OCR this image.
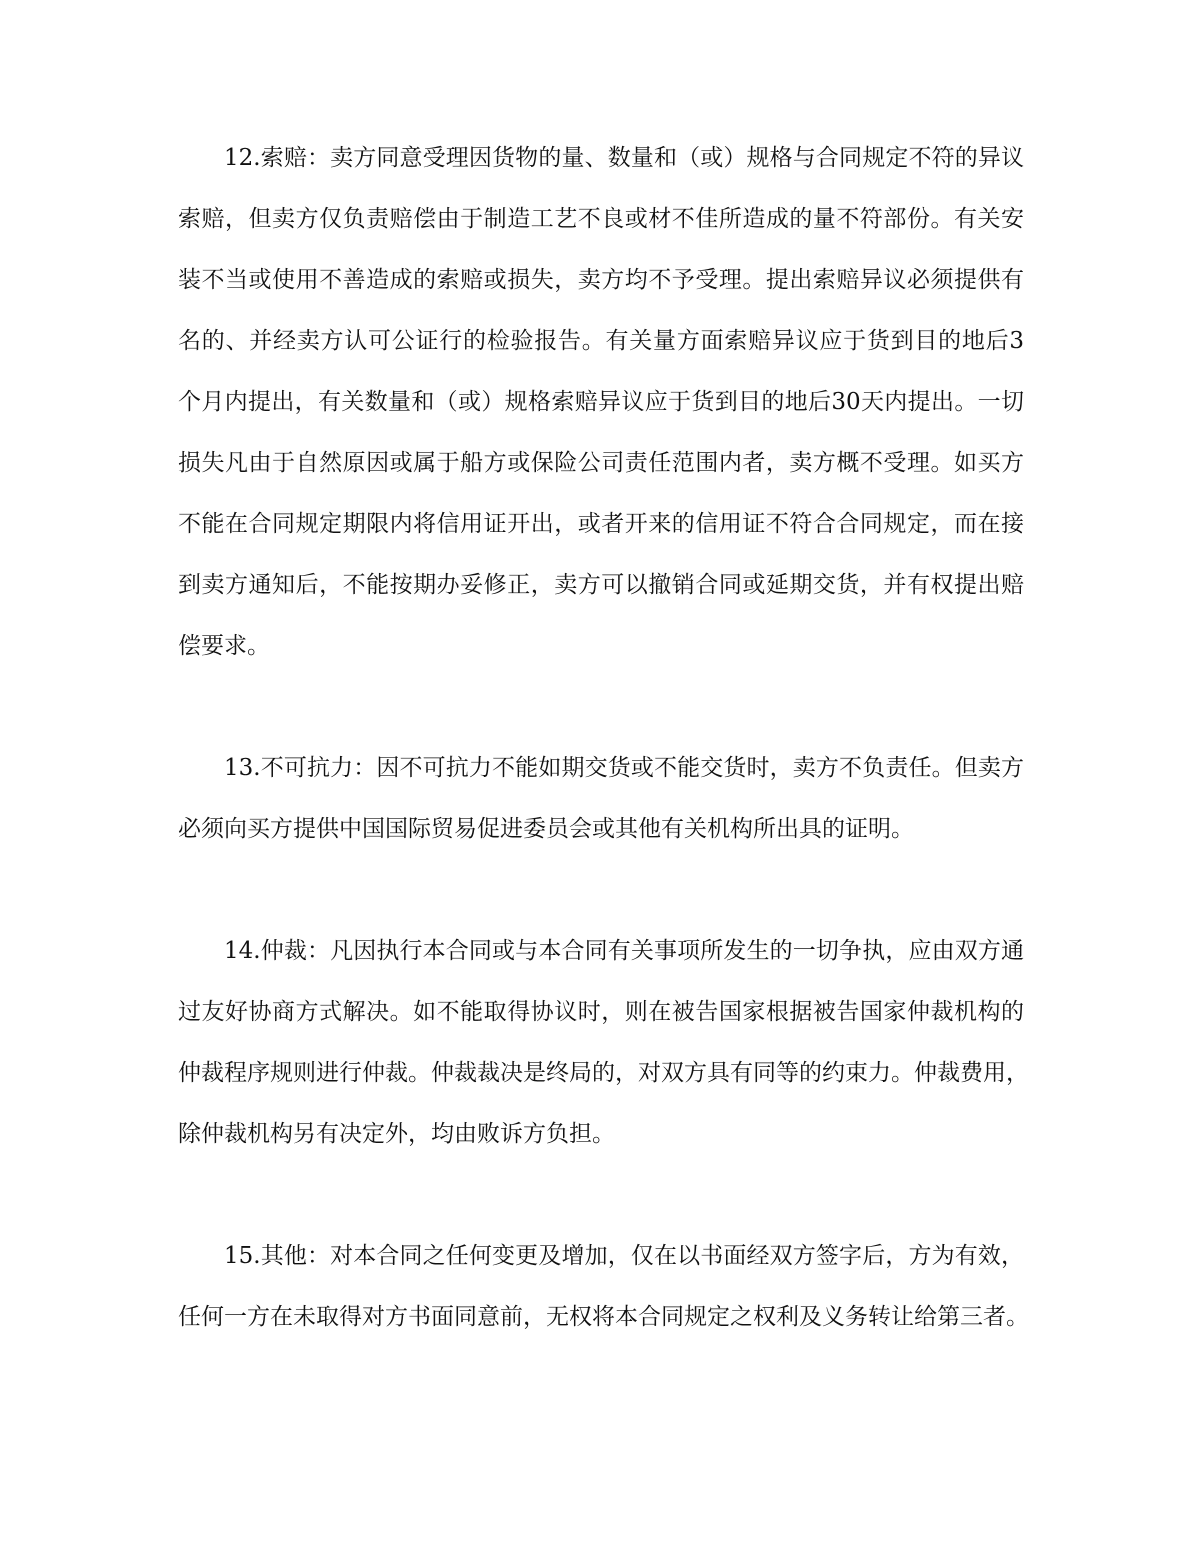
12.索赔：卖方同意受理因货物的量、数量和（或）规格与合同规定不符的异议
索赔，但卖方仅负责赔偿由于制造工艺不良或材不佳所造成的量不符部份。有关安
装不当或使用不善造成的索赔或损失，卖方均不予受理。提出索赔异议必须提供有
名的、并经卖方认可公证行的检验报告。有关量方面索赔异议应于货到目的地后3
个月内提出，有关数量和（或）规格索赔异议应于货到目的地后30天内提出。一切
损失凡由于自然原因或属于船方或保险公司责任范围内者，卖方概不受理。如买方
不能在合同规定期限内将信用证开出，或者开来的信用证不符合合同规定，而在接
到卖方通知后，不能按期办妥修正，卖方可以撤销合同或延期交货，并有权提出赔
偿要求。
13.不可抗力：因不可抗力不能如期交货或不能交货时，卖方不负责任。但卖方
必须向买方提供中国国际贸易促进委员会或其他有关机构所出具的证明。
14.仲裁：凡因执行本合同或与本合同有关事项所发生的一切争执，应由双方通
过友好协商方式解决。如不能取得协议时，则在被告国家根据被告国家仲裁机构的
仲裁程序规则进行仲裁。仲裁裁决是终局的，对双方具有同等的约束力。仲裁费用，
除仲裁机构另有决定外，均由败诉方负担。
15.其他：对本合同之任何变更及增加，仅在以书面经双方签字后，方为有效，
任何一方在未取得对方书面同意前，无权将本合同规定之权利及义务转让给第三者。
